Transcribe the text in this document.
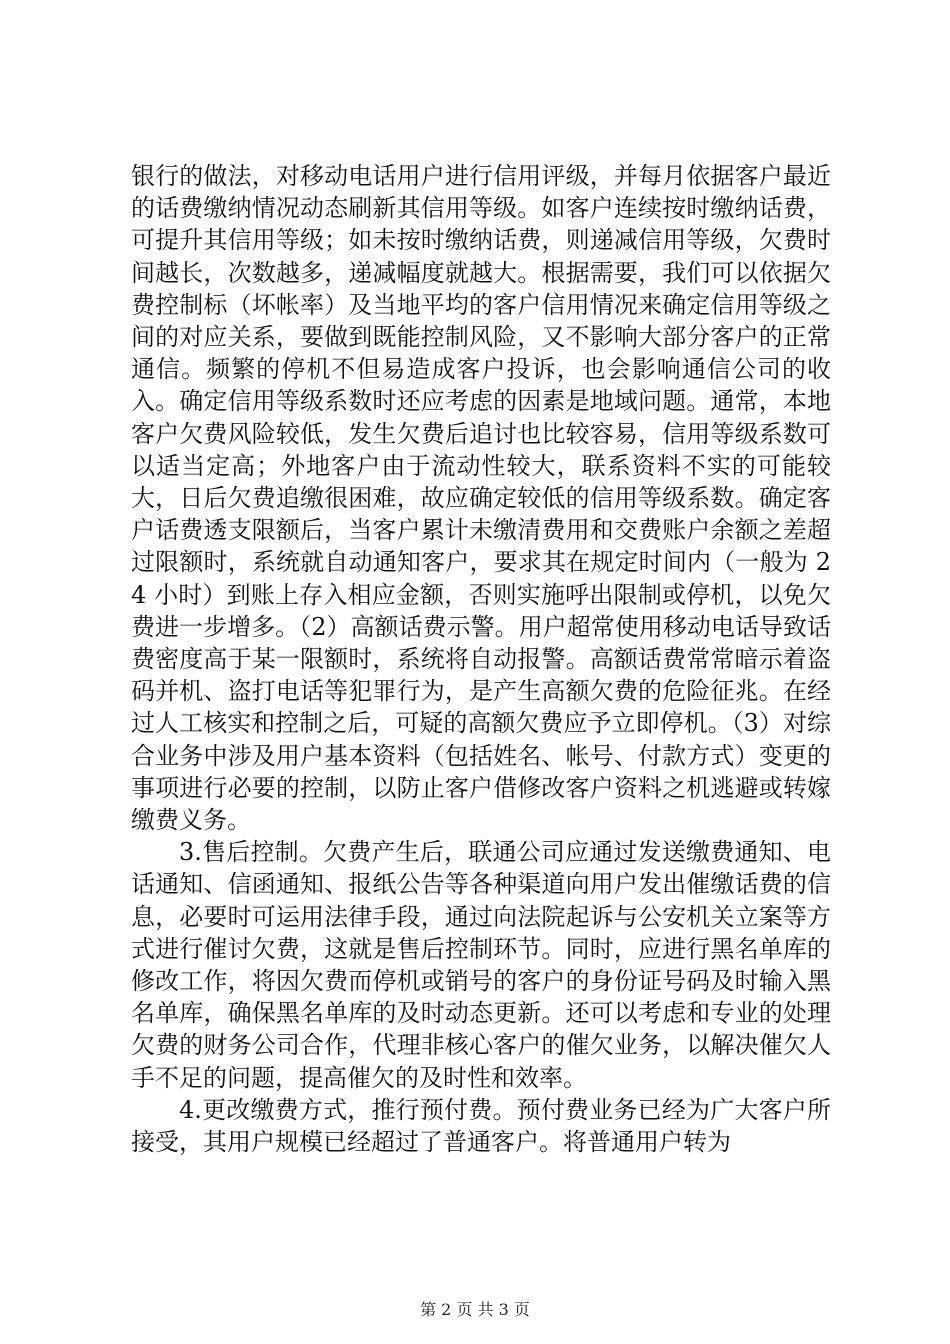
银行的做法，对移动电话用户进行信用评级，并每月依据客户最近的话费缴纳情况动态刷新其信用等级。如客户连续按时缴纳话费，可提升其信用等级；如未按时缴纳话费，则递减信用等级，欠费时间越长，次数越多，递减幅度就越大。根据需要，我们可以依据欠费控制标（坏帐率）及当地平均的客户信用情况来确定信用等级之间的对应关系，要做到既能控制风险，又不影响大部分客户的正常通信。频繁的停机不但易造成客户投诉，也会影响通信公司的收入。确定信用等级系数时还应考虑的因素是地域问题。通常，本地客户欠费风险较低，发生欠费后追讨也比较容易，信用等级系数可以适当定高；外地客户由于流动性较大，联系资料不实的可能较大，日后欠费追缴很困难，故应确定较低的信用等级系数。确定客户话费透支限额后，当客户累计未缴清费用和交费账户余额之差超过限额时，系统就自动通知客户，要求其在规定时间内（一般为 24 小时）到账上存入相应金额，否则实施呼出限制或停机，以免欠费进一步增多。（2）高额话费示警。用户超常使用移动电话导致话费密度高于某一限额时，系统将自动报警。高额话费常常暗示着盗码并机、盗打电话等犯罪行为，是产生高额欠费的危险征兆。在经过人工核实和控制之后，可疑的高额欠费应予立即停机。（3）对综合业务中涉及用户基本资料（包括姓名、帐号、付款方式）变更的事项进行必要的控制，以防止客户借修改客户资料之机逃避或转嫁缴费义务。

3.售后控制。欠费产生后，联通公司应通过发送缴费通知、电话通知、信函通知、报纸公告等各种渠道向用户发出催缴话费的信息，必要时可运用法律手段，通过向法院起诉与公安机关立案等方式进行催讨欠费，这就是售后控制环节。同时，应进行黑名单库的修改工作，将因欠费而停机或销号的客户的身份证号码及时输入黑名单库，确保黑名单库的及时动态更新。还可以考虑和专业的处理欠费的财务公司合作，代理非核心客户的催欠业务，以解决催欠人手不足的问题，提高催欠的及时性和效率。

4.更改缴费方式，推行预付费。预付费业务已经为广大客户所接受，其用户规模已经超过了普通客户。将普通用户转为

第 2 页 共 3 页
